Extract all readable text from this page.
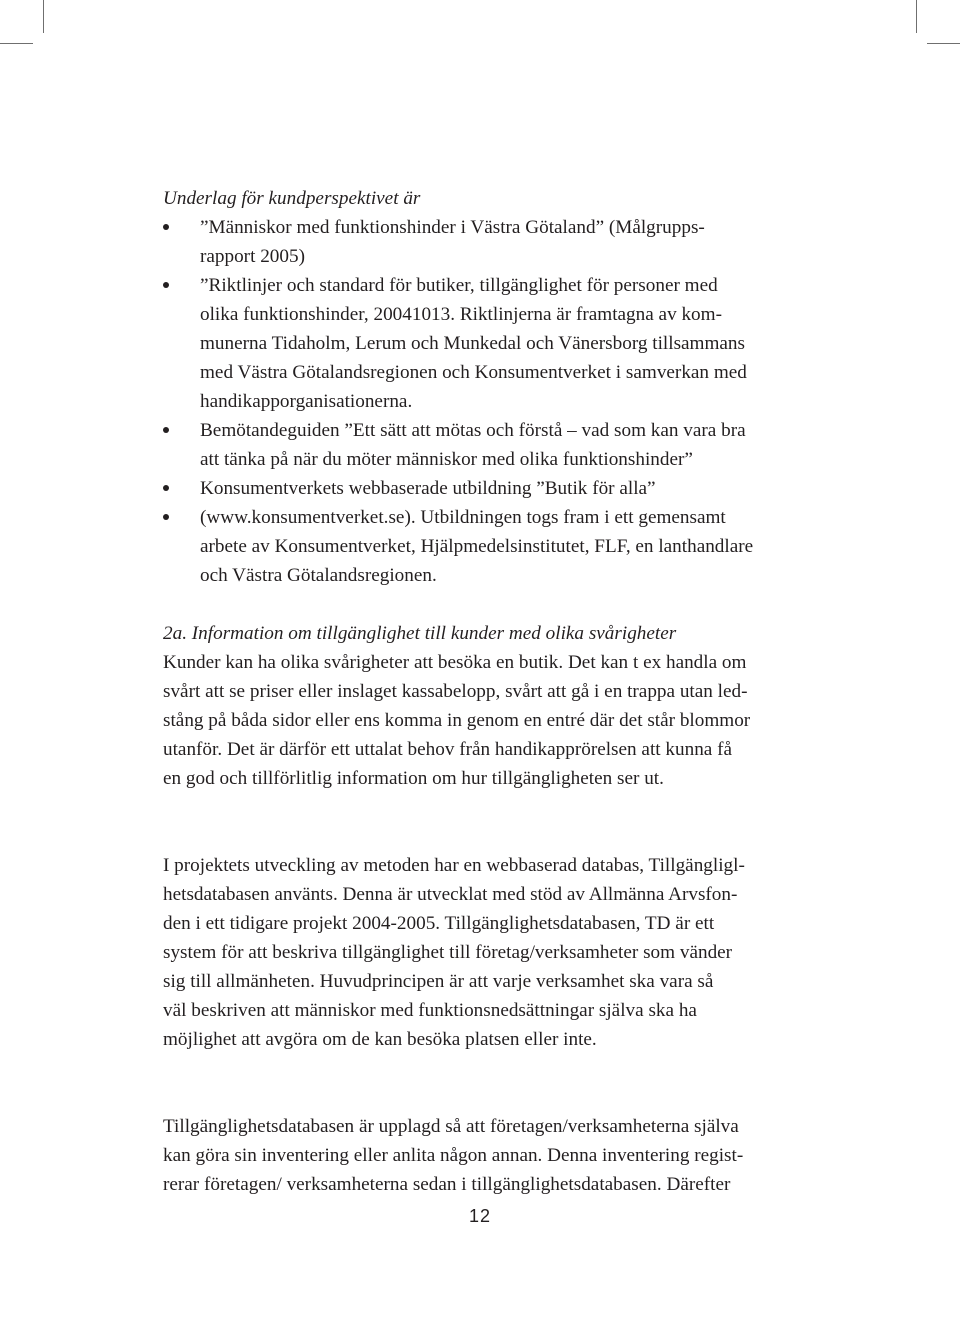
Underlag för kundperspektivet är
”Människor med funktionshinder i Västra Götaland” (Målgrupps-
rapport 2005)
”Riktlinjer och standard för butiker, tillgänglighet för personer med
olika funktionshinder, 20041013. Riktlinjerna är framtagna av kom-
munerna Tidaholm, Lerum och Munkedal och Vänersborg tillsammans
med Västra Götalandsregionen och Konsumentverket i samverkan med
handikapporganisationerna.
Bemötandeguiden ”Ett sätt att mötas och förstå – vad som kan vara bra
att tänka på när du möter människor med olika funktionshinder”
Konsumentverkets webbaserade utbildning ”Butik för alla”
(www.konsumentverket.se). Utbildningen togs fram i ett gemensamt
arbete av Konsumentverket, Hjälpmedelsinstitutet, FLF, en lanthandlare
och Västra Götalandsregionen.
2a. Information om tillgänglighet till kunder med olika svårigheter
Kunder kan ha olika svårigheter att besöka en butik. Det kan t ex handla om
svårt att se priser eller inslaget kassabelopp, svårt att gå i en trappa utan led-
stång på båda sidor eller ens komma in genom en entré där det står blommor
utanför. Det är därför ett uttalat behov från handikapprörelsen att kunna få
en god och tillförlitlig information om hur tillgängligheten ser ut.
I projektets utveckling av metoden har en webbaserad databas, Tillgängligl-
hetsdatabasen använts. Denna är utvecklat med stöd av Allmänna Arvsfon-
den i ett tidigare projekt 2004-2005. Tillgänglighetsdatabasen, TD är ett
system för att beskriva tillgänglighet till företag/verksamheter som vänder
sig till allmänheten. Huvudprincipen är att varje verksamhet ska vara så
väl beskriven att människor med funktionsnedsättningar själva ska ha
möjlighet att avgöra om de kan besöka platsen eller inte.
Tillgänglighetsdatabasen är upplagd så att företagen/verksamheterna själva
kan göra sin inventering eller anlita någon annan. Denna inventering regist-
rerar företagen/ verksamheterna sedan i tillgänglighetsdatabasen. Därefter
12
